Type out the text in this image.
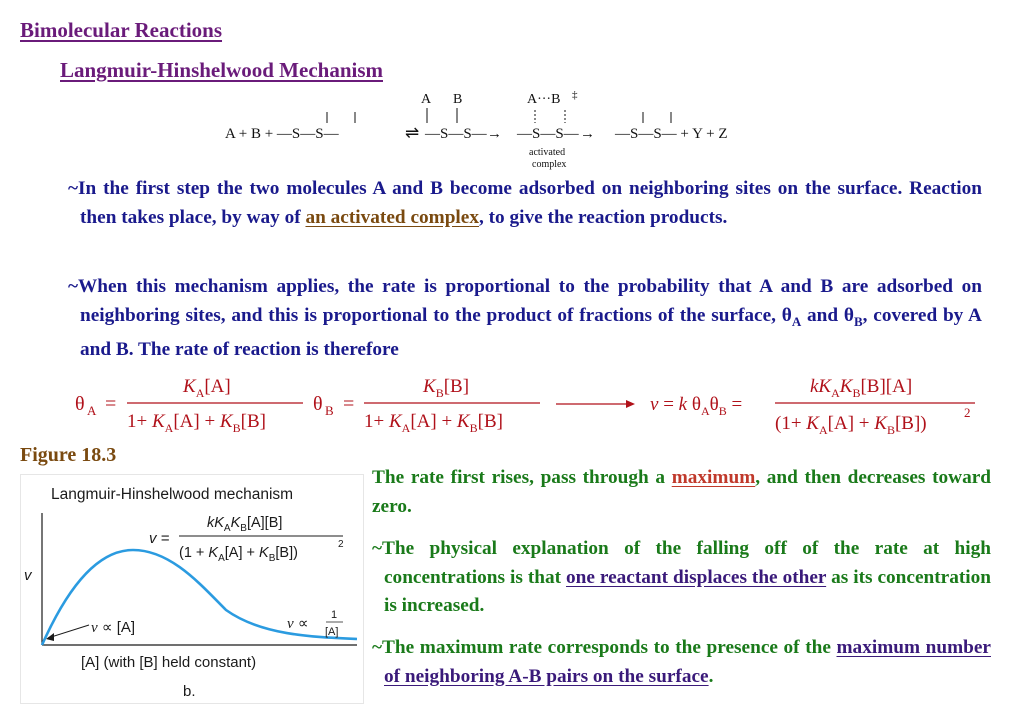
Bimolecular Reactions
Langmuir-Hinshelwood Mechanism
A + B + —S—S—	⇌
A B
—S—S— →
A···B ‡
—S—S— → —S—S— + Y + Z
activated
complex
~In the first step the two molecules A and B become adsorbed on neighboring sites on the surface. Reaction then takes place, by way of an activated complex, to give the reaction products.
~When this mechanism applies, the rate is proportional to the probability that A and B are adsorbed on neighboring sites, and this is proportional to the product of fractions of the surface, $\theta_A$ and $\theta_B$, covered by A and B. The rate of reaction is therefore
θ A =
$K_A[A]$
$1+ K_A[A] + K_B[B]$
θ B =
$K_B[B]$
$1+ K_A[A] + K_B[B]$
v = k $\theta_A\theta_B$ =
$kK_AK_B[B][A]$
$(1+ K_A[A] + K_B[B])$
2
Figure 18.3
Langmuir-Hinshelwood mechanism
v =
$kK_AK_B[A][B]$
$(1 + K_A[A] + K_B[B])$
2
v
v ∝ [A]	v ∝ 1
[A]
[A] (with [B] held constant)
b.
The rate first rises, pass through a maximum, and then decreases toward zero.
~The physical explanation of the falling off of the rate at high concentrations is that one reactant displaces the other as its concentration is increased.
~The maximum rate corresponds to the presence of the maximum number of neighboring A-B pairs on the surface.
